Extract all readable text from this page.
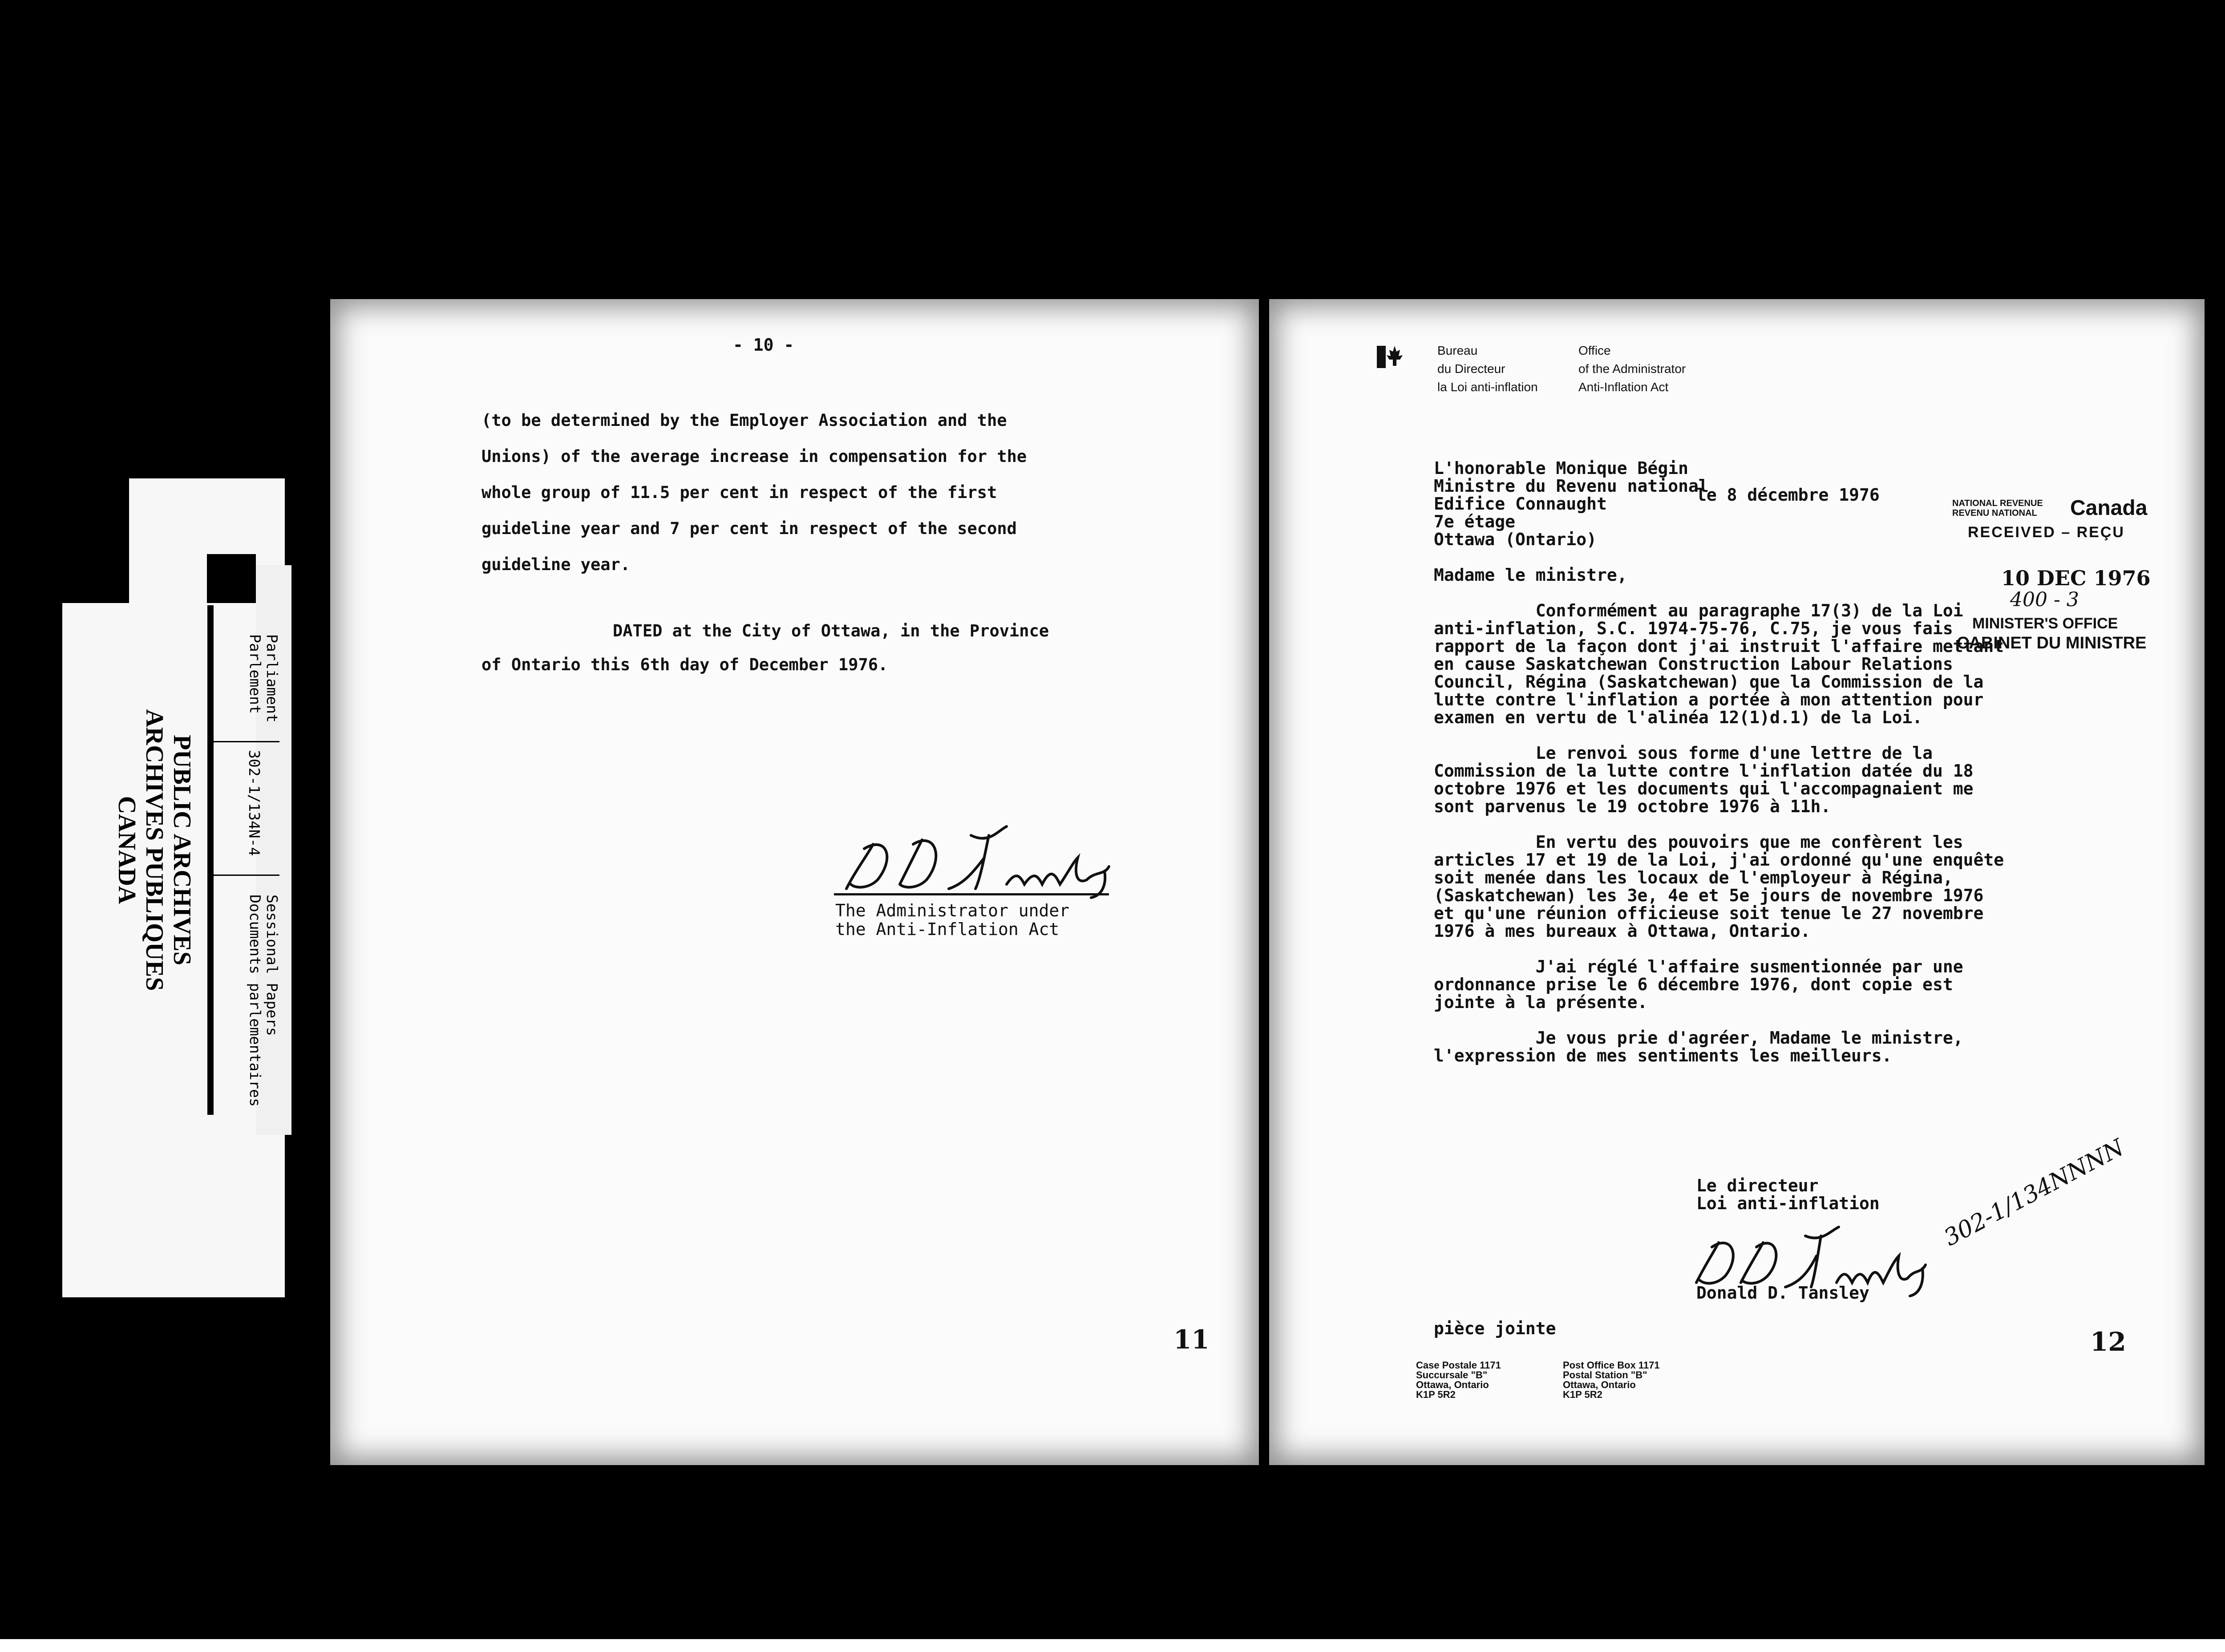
PUBLIC ARCHIVES
ARCHIVES PUBLIQUES
CANADA
Parliament
Parlement
302-1/134N-4
Sessional Papers
Documents parlementaires
- 10 -
(to be determined by the Employer Association and the
Unions) of the average increase in compensation for the
whole group of 11.5 per cent in respect of the first
guideline year and 7 per cent in respect of the second
guideline year.
DATED at the City of Ottawa, in the Province
of Ontario this 6th day of December 1976.
The Administrator under
the Anti-Inflation Act
11
Bureau
du Directeur
la Loi anti-inflation
Office
of the Administrator
Anti-Inflation Act
le 8 décembre 1976	NATIONAL REVENUE
REVENU NATIONAL Canada
RECEIVED – REÇU
10 DEC 1976
400 - 3
MINISTER'S OFFICE
CABINET DU MINISTRE
L'honorable Monique Bégin
Ministre du Revenu national
Edifice Connaught
7e étage
Ottawa (Ontario)

Madame le ministre,

Conformément au paragraphe 17(3) de la Loi
anti-inflation, S.C. 1974-75-76, C.75, je vous fais
rapport de la façon dont j'ai instruit l'affaire mettant
en cause Saskatchewan Construction Labour Relations
Council, Régina (Saskatchewan) que la Commission de la
lutte contre l'inflation a portée à mon attention pour
examen en vertu de l'alinéa 12(1)d.1) de la Loi.

Le renvoi sous forme d'une lettre de la
Commission de la lutte contre l'inflation datée du 18
octobre 1976 et les documents qui l'accompagnaient me
sont parvenus le 19 octobre 1976 à 11h.

En vertu des pouvoirs que me confèrent les
articles 17 et 19 de la Loi, j'ai ordonné qu'une enquête
soit menée dans les locaux de l'employeur à Régina,
(Saskatchewan) les 3e, 4e et 5e jours de novembre 1976
et qu'une réunion officieuse soit tenue le 27 novembre
1976 à mes bureaux à Ottawa, Ontario.

J'ai réglé l'affaire susmentionnée par une
ordonnance prise le 6 décembre 1976, dont copie est
jointe à la présente.

Je vous prie d'agréer, Madame le ministre,
l'expression de mes sentiments les meilleurs.
Le directeur
Loi anti-inflation	302-1/134NNNN
Donald D. Tansley
pièce jointe
Case Postale 1171
Succursale "B"
Ottawa, Ontario
K1P 5R2
Post Office Box 1171
Postal Station "B"
Ottawa, Ontario
K1P 5R2
12
